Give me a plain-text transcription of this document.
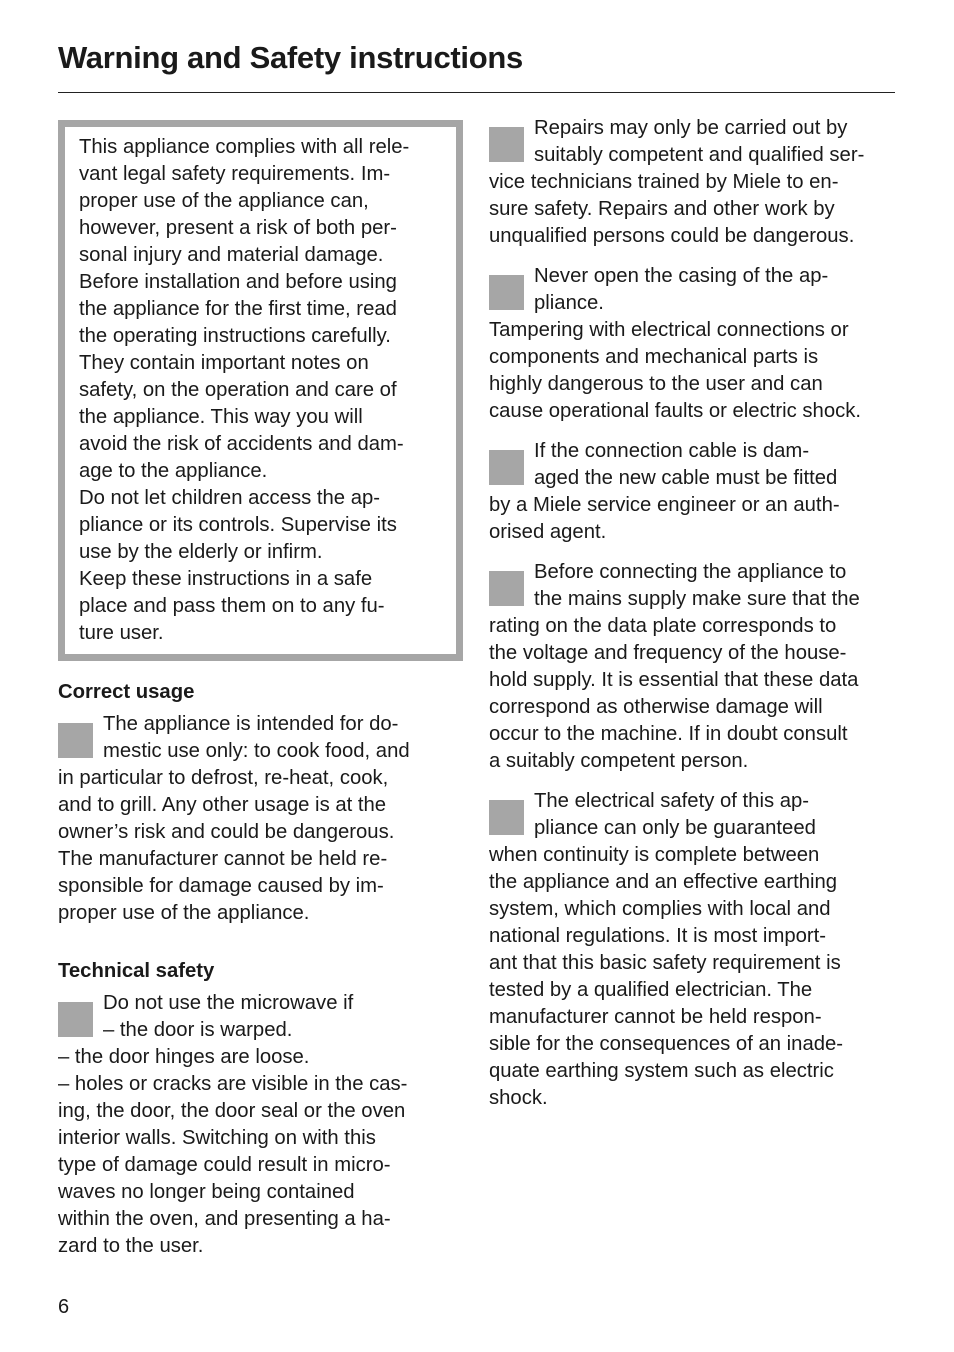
Warning and Safety instructions
This appliance complies with all rele-
vant legal safety requirements. Im-
proper use of the appliance can,
however, present a risk of both per-
sonal injury and material damage.
Before installation and before using
the appliance for the first time, read
the operating instructions carefully.
They contain important notes on
safety, on the operation and care of
the appliance. This way you will
avoid the risk of accidents and dam-
age to the appliance.
Do not let children access the ap-
pliance or its controls. Supervise its
use by the elderly or infirm.
Keep these instructions in a safe
place and pass them on to any fu-
ture user.
Correct usage
The appliance is intended for do-
mestic use only: to cook food, and
in particular to defrost, re-heat, cook,
and to grill. Any other usage is at the
owner’s risk and could be dangerous.
The manufacturer cannot be held re-
sponsible for damage caused by im-
proper use of the appliance.
Technical safety
Do not use the microwave if
– the door is warped.
– the door hinges are loose.
– holes or cracks are visible in the cas-
ing, the door, the door seal or the oven
interior walls. Switching on with this
type of damage could result in micro-
waves no longer being contained
within the oven, and presenting a ha-
zard to the user.
Repairs may only be carried out by
suitably competent and qualified ser-
vice technicians trained by Miele to en-
sure safety. Repairs and other work by
unqualified persons could be dangerous.
Never open the casing of the ap-
pliance.
Tampering with electrical connections or
components and mechanical parts is
highly dangerous to the user and can
cause operational faults or electric shock.
If the connection cable is dam-
aged the new cable must be fitted
by a Miele service engineer or an auth-
orised agent.
Before connecting the appliance to
the mains supply make sure that the
rating on the data plate corresponds to
the voltage and frequency of the house-
hold supply. It is essential that these data
correspond as otherwise damage will
occur to the machine. If in doubt consult
a suitably competent person.
The electrical safety of this ap-
pliance can only be guaranteed
when continuity is complete between
the appliance and an effective earthing
system, which complies with local and
national regulations. It is most import-
ant that this basic safety requirement is
tested by a qualified electrician. The
manufacturer cannot be held respon-
sible for the consequences of an inade-
quate earthing system such as electric
shock.
6
